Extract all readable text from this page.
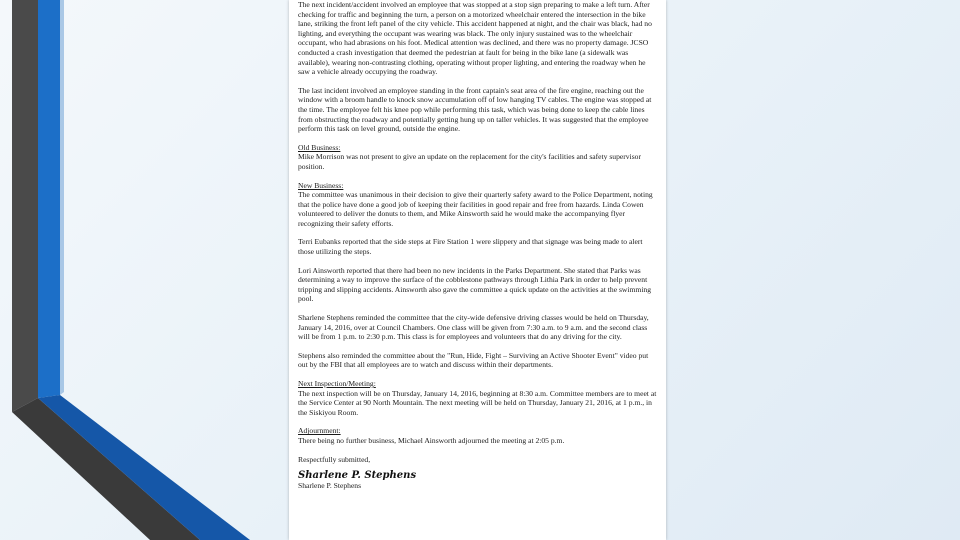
The next incident/accident involved an employee that was stopped at a stop sign preparing to make a left turn. After checking for traffic and beginning the turn, a person on a motorized wheelchair entered the intersection in the bike lane, striking the front left panel of the city vehicle. This accident happened at night, and the chair was black, had no lighting, and everything the occupant was wearing was black. The only injury sustained was to the wheelchair occupant, who had abrasions on his foot. Medical attention was declined, and there was no property damage. JCSO conducted a crash investigation that deemed the pedestrian at fault for being in the bike lane (a sidewalk was available), wearing non-contrasting clothing, operating without proper lighting, and entering the roadway when he saw a vehicle already occupying the roadway.

The last incident involved an employee standing in the front captain's seat area of the fire engine, reaching out the window with a broom handle to knock snow accumulation off of low hanging TV cables. The engine was stopped at the time. The employee felt his knee pop while performing this task, which was being done to keep the cable lines from obstructing the roadway and potentially getting hung up on taller vehicles. It was suggested that the employee perform this task on level ground, outside the engine.

Old Business:

Mike Morrison was not present to give an update on the replacement for the city's facilities and safety supervisor position.

New Business:

The committee was unanimous in their decision to give their quarterly safety award to the Police Department, noting that the police have done a good job of keeping their facilities in good repair and free from hazards. Linda Cowen volunteered to deliver the donuts to them, and Mike Ainsworth said he would make the accompanying flyer recognizing their safety efforts.

Terri Eubanks reported that the side steps at Fire Station 1 were slippery and that signage was being made to alert those utilizing the steps.

Lori Ainsworth reported that there had been no new incidents in the Parks Department. She stated that Parks was determining a way to improve the surface of the cobblestone pathways through Lithia Park in order to help prevent tripping and slipping accidents. Ainsworth also gave the committee a quick update on the activities at the swimming pool.

Sharlene Stephens reminded the committee that the city-wide defensive driving classes would be held on Thursday, January 14, 2016, over at Council Chambers. One class will be given from 7:30 a.m. to 9 a.m. and the second class will be from 1 p.m. to 2:30 p.m. This class is for employees and volunteers that do any driving for the city.

Stephens also reminded the committee about the "Run, Hide, Fight – Surviving an Active Shooter Event" video put out by the FBI that all employees are to watch and discuss within their departments.

Next Inspection/Meeting:

The next inspection will be on Thursday, January 14, 2016, beginning at 8:30 a.m. Committee members are to meet at the Service Center at 90 North Mountain. The next meeting will be held on Thursday, January 21, 2016, at 1 p.m., in the Siskiyou Room.

Adjournment:

There being no further business, Michael Ainsworth adjourned the meeting at 2:05 p.m.

Respectfully submitted,

Sharlene P. Stephens

Sharlene P. Stephens
